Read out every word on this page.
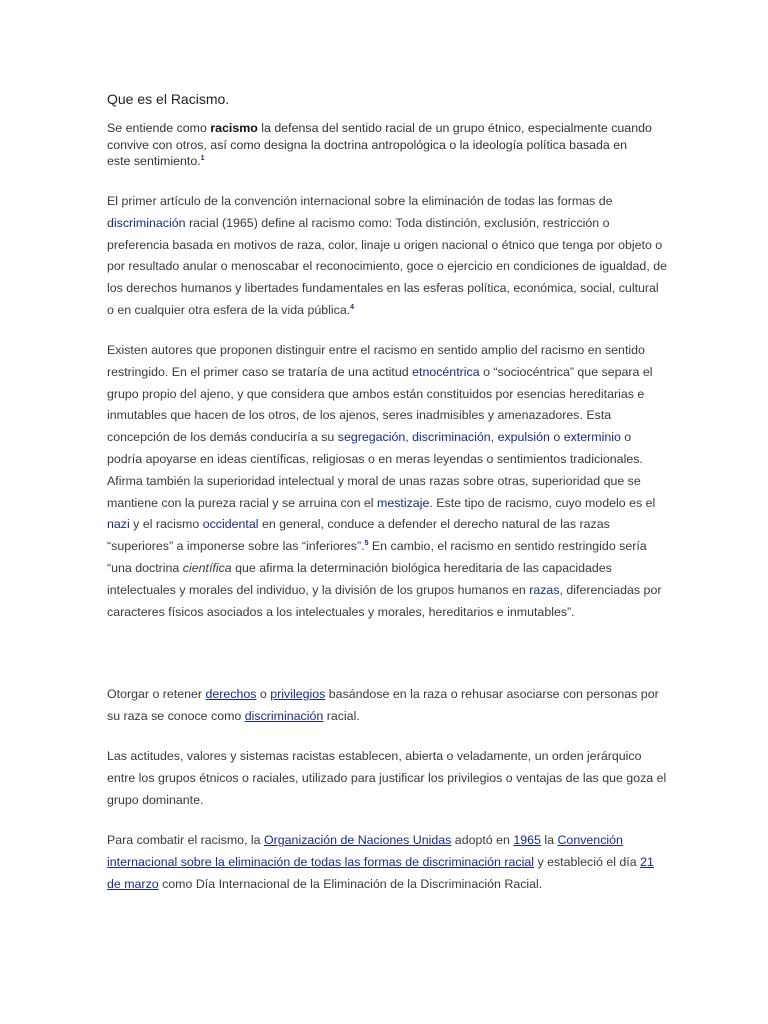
Que es el Racismo.

Se entiende como racismo la defensa del sentido racial de un grupo étnico, especialmente cuando convive con otros, así como designa la doctrina antropológica o la ideología política basada en este sentimiento.$^1$

El primer artículo de la convención internacional sobre la eliminación de todas las formas de discriminación racial (1965) define al racismo como: Toda distinción, exclusión, restricción o preferencia basada en motivos de raza, color, linaje u origen nacional o étnico que tenga por objeto o por resultado anular o menoscabar el reconocimiento, goce o ejercicio en condiciones de igualdad, de los derechos humanos y libertades fundamentales en las esferas política, económica, social, cultural o en cualquier otra esfera de la vida pública.$^4$

Existen autores que proponen distinguir entre el racismo en sentido amplio del racismo en sentido restringido. En el primer caso se trataría de una actitud etnocéntrica o “sociocéntrica” que separa el grupo propio del ajeno, y que considera que ambos están constituidos por esencias hereditarias e inmutables que hacen de los otros, de los ajenos, seres inadmisibles y amenazadores. Esta concepción de los demás conduciría a su segregación, discriminación, expulsión o exterminio o podría apoyarse en ideas científicas, religiosas o en meras leyendas o sentimientos tradicionales. Afirma también la superioridad intelectual y moral de unas razas sobre otras, superioridad que se mantiene con la pureza racial y se arruina con el mestizaje. Este tipo de racismo, cuyo modelo es el nazi y el racismo occidental en general, conduce a defender el derecho natural de las razas “superiores” a imponerse sobre las “inferiores”.$^5$ En cambio, el racismo en sentido restringido sería “una doctrina científica que afirma la determinación biológica hereditaria de las capacidades intelectuales y morales del individuo, y la división de los grupos humanos en razas, diferenciadas por caracteres físicos asociados a los intelectuales y morales, hereditarios e inmutables”.

Otorgar o retener derechos o privilegios basándose en la raza o rehusar asociarse con personas por su raza se conoce como discriminación racial.

Las actitudes, valores y sistemas racistas establecen, abierta o veladamente, un orden jerárquico entre los grupos étnicos o raciales, utilizado para justificar los privilegios o ventajas de las que goza el grupo dominante.

Para combatir el racismo, la Organización de Naciones Unidas adoptó en 1965 la Convención internacional sobre la eliminación de todas las formas de discriminación racial y estableció el día 21 de marzo como Día Internacional de la Eliminación de la Discriminación Racial.
